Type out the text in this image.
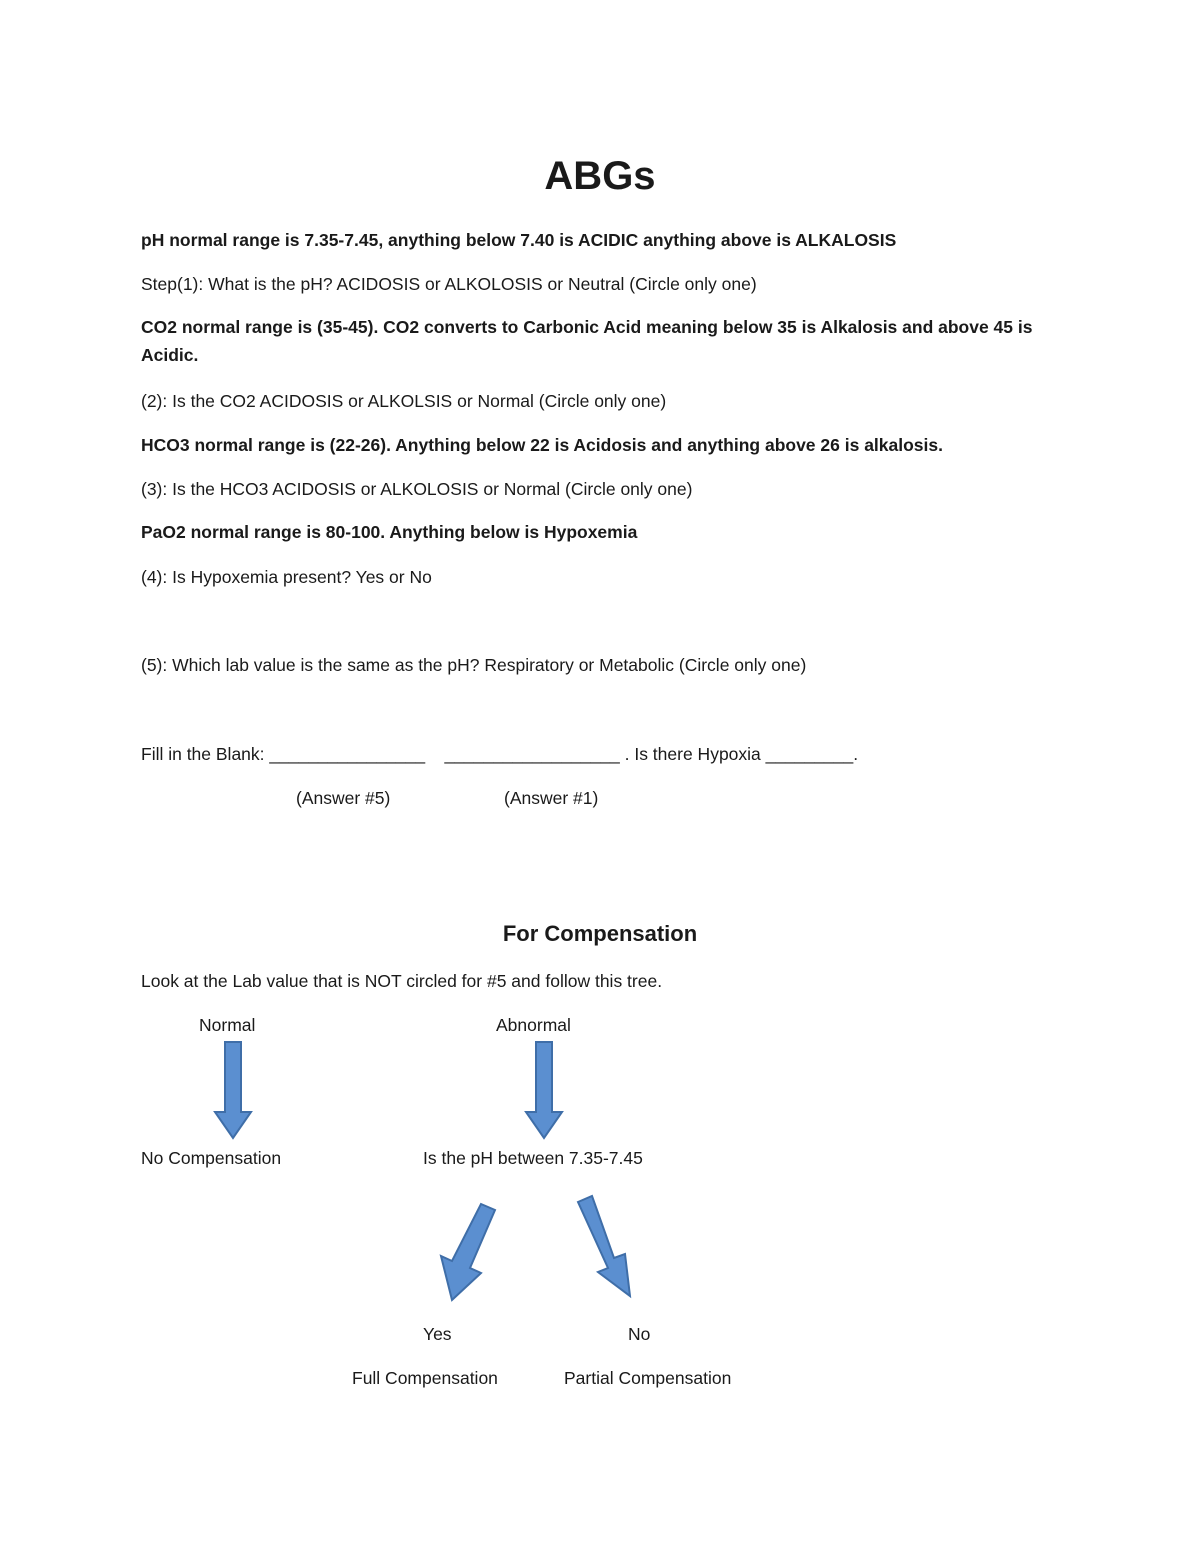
ABGs
pH normal range is 7.35-7.45, anything below 7.40 is ACIDIC anything above is ALKALOSIS
Step(1): What is the pH? ACIDOSIS or ALKOLOSIS or Neutral (Circle only one)
CO2 normal range is (35-45). CO2 converts to Carbonic Acid meaning below 35 is Alkalosis and above 45 is Acidic.
(2): Is the CO2 ACIDOSIS or ALKOLSIS or Normal (Circle only one)
HCO3 normal range is (22-26). Anything below 22 is Acidosis and anything above 26 is alkalosis.
(3): Is the HCO3 ACIDOSIS or ALKOLOSIS or Normal (Circle only one)
PaO2 normal range is 80-100. Anything below is Hypoxemia
(4): Is Hypoxemia present? Yes or No
(5): Which lab value is the same as the pH? Respiratory or Metabolic (Circle only one)
Fill in the Blank: ________________    __________________ . Is there Hypoxia _________.
(Answer #5)	(Answer #1)
For Compensation
Look at the Lab value that is NOT circled for #5 and follow this tree.
Normal	Abnormal
No Compensation	Is the pH between 7.35-7.45
Yes	No
Full Compensation	Partial Compensation
